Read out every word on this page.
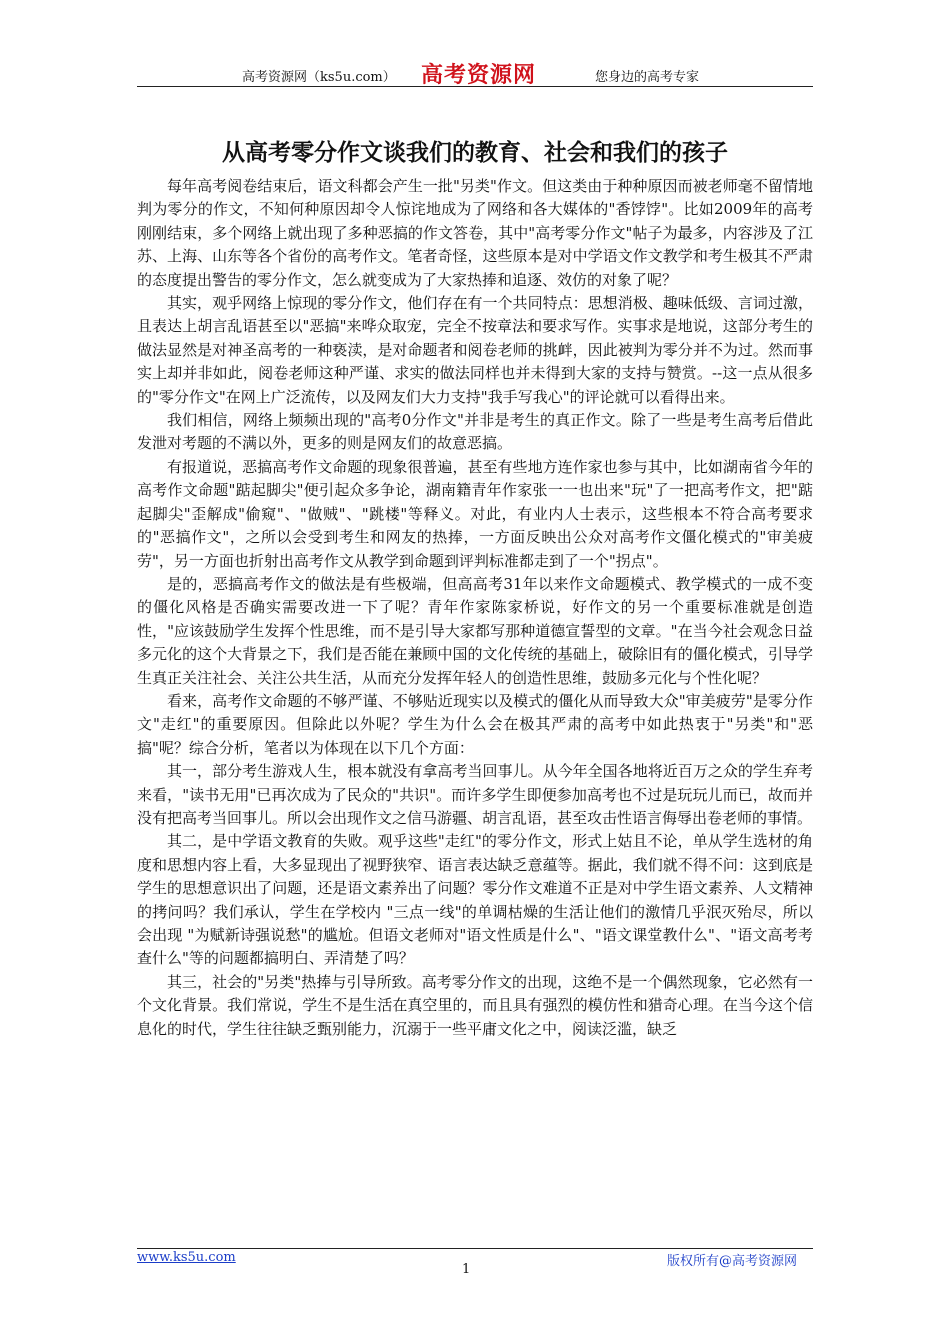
高考资源网（ks5u.com） 高考资源网	您身边的高考专家
从高考零分作文谈我们的教育、社会和我们的孩子

每年高考阅卷结束后，语文科都会产生一批"另类"作文。但这类由于种种原因而被老师毫不留情地判为零分的作文，不知何种原因却令人惊诧地成为了网络和各大媒体的"香饽饽"。比如2009年的高考刚刚结束，多个网络上就出现了多种恶搞的作文答卷，其中"高考零分作文"帖子为最多，内容涉及了江苏、上海、山东等各个省份的高考作文。笔者奇怪，这些原本是对中学语文作文教学和考生极其不严肃的态度提出警告的零分作文，怎么就变成为了大家热捧和追逐、效仿的对象了呢？

其实，观乎网络上惊现的零分作文，他们存在有一个共同特点：思想消极、趣味低级、言词过激，且表达上胡言乱语甚至以"恶搞"来哗众取宠，完全不按章法和要求写作。实事求是地说，这部分考生的做法显然是对神圣高考的一种亵渎，是对命题者和阅卷老师的挑衅，因此被判为零分并不为过。然而事实上却并非如此，阅卷老师这种严谨、求实的做法同样也并未得到大家的支持与赞赏。--这一点从很多的"零分作文"在网上广泛流传，以及网友们大力支持"我手写我心"的评论就可以看得出来。

我们相信，网络上频频出现的"高考0分作文"并非是考生的真正作文。除了一些是考生高考后借此发泄对考题的不满以外，更多的则是网友们的故意恶搞。

有报道说，恶搞高考作文命题的现象很普遍，甚至有些地方连作家也参与其中，比如湖南省今年的高考作文命题"踮起脚尖"便引起众多争论，湖南籍青年作家张一一也出来"玩"了一把高考作文，把"踮起脚尖"歪解成"偷窥"、"做贼"、"跳楼"等释义。对此，有业内人士表示，这些根本不符合高考要求的"恶搞作文"，之所以会受到考生和网友的热捧，一方面反映出公众对高考作文僵化模式的"审美疲劳"，另一方面也折射出高考作文从教学到命题到评判标准都走到了一个"拐点"。

是的，恶搞高考作文的做法是有些极端，但高高考31年以来作文命题模式、教学模式的一成不变的僵化风格是否确实需要改进一下了呢？青年作家陈家桥说，好作文的另一个重要标准就是创造性，"应该鼓励学生发挥个性思维，而不是引导大家都写那种道德宣誓型的文章。"在当今社会观念日益多元化的这个大背景之下，我们是否能在兼顾中国的文化传统的基础上，破除旧有的僵化模式，引导学生真正关注社会、关注公共生活，从而充分发挥年轻人的创造性思维，鼓励多元化与个性化呢？

看来，高考作文命题的不够严谨、不够贴近现实以及模式的僵化从而导致大众"审美疲劳"是零分作文"走红"的重要原因。但除此以外呢？学生为什么会在极其严肃的高考中如此热衷于"另类"和"恶搞"呢？综合分析，笔者以为体现在以下几个方面：

其一，部分考生游戏人生，根本就没有拿高考当回事儿。从今年全国各地将近百万之众的学生弃考来看，"读书无用"已再次成为了民众的"共识"。而许多学生即便参加高考也不过是玩玩儿而已，故而并没有把高考当回事儿。所以会出现作文之信马游疆、胡言乱语，甚至攻击性语言侮辱出卷老师的事情。

其二，是中学语文教育的失败。观乎这些"走红"的零分作文，形式上姑且不论，单从学生选材的角度和思想内容上看，大多显现出了视野狭窄、语言表达缺乏意蕴等。据此，我们就不得不问：这到底是学生的思想意识出了问题，还是语文素养出了问题？零分作文难道不正是对中学生语文素养、人文精神的拷问吗？我们承认，学生在学校内 "三点一线"的单调枯燥的生活让他们的激情几乎泯灭殆尽，所以会出现 "为赋新诗强说愁"的尴尬。但语文老师对"语文性质是什么"、"语文课堂教什么"、"语文高考考查什么"等的问题都搞明白、弄清楚了吗？

其三，社会的"另类"热捧与引导所致。高考零分作文的出现，这绝不是一个偶然现象，它必然有一个文化背景。我们常说，学生不是生活在真空里的，而且具有强烈的模仿性和猎奇心理。在当今这个信息化的时代，学生往往缺乏甄别能力，沉溺于一些平庸文化之中，阅读泛滥，缺乏

www.ks5u.com
1
版权所有@高考资源网
